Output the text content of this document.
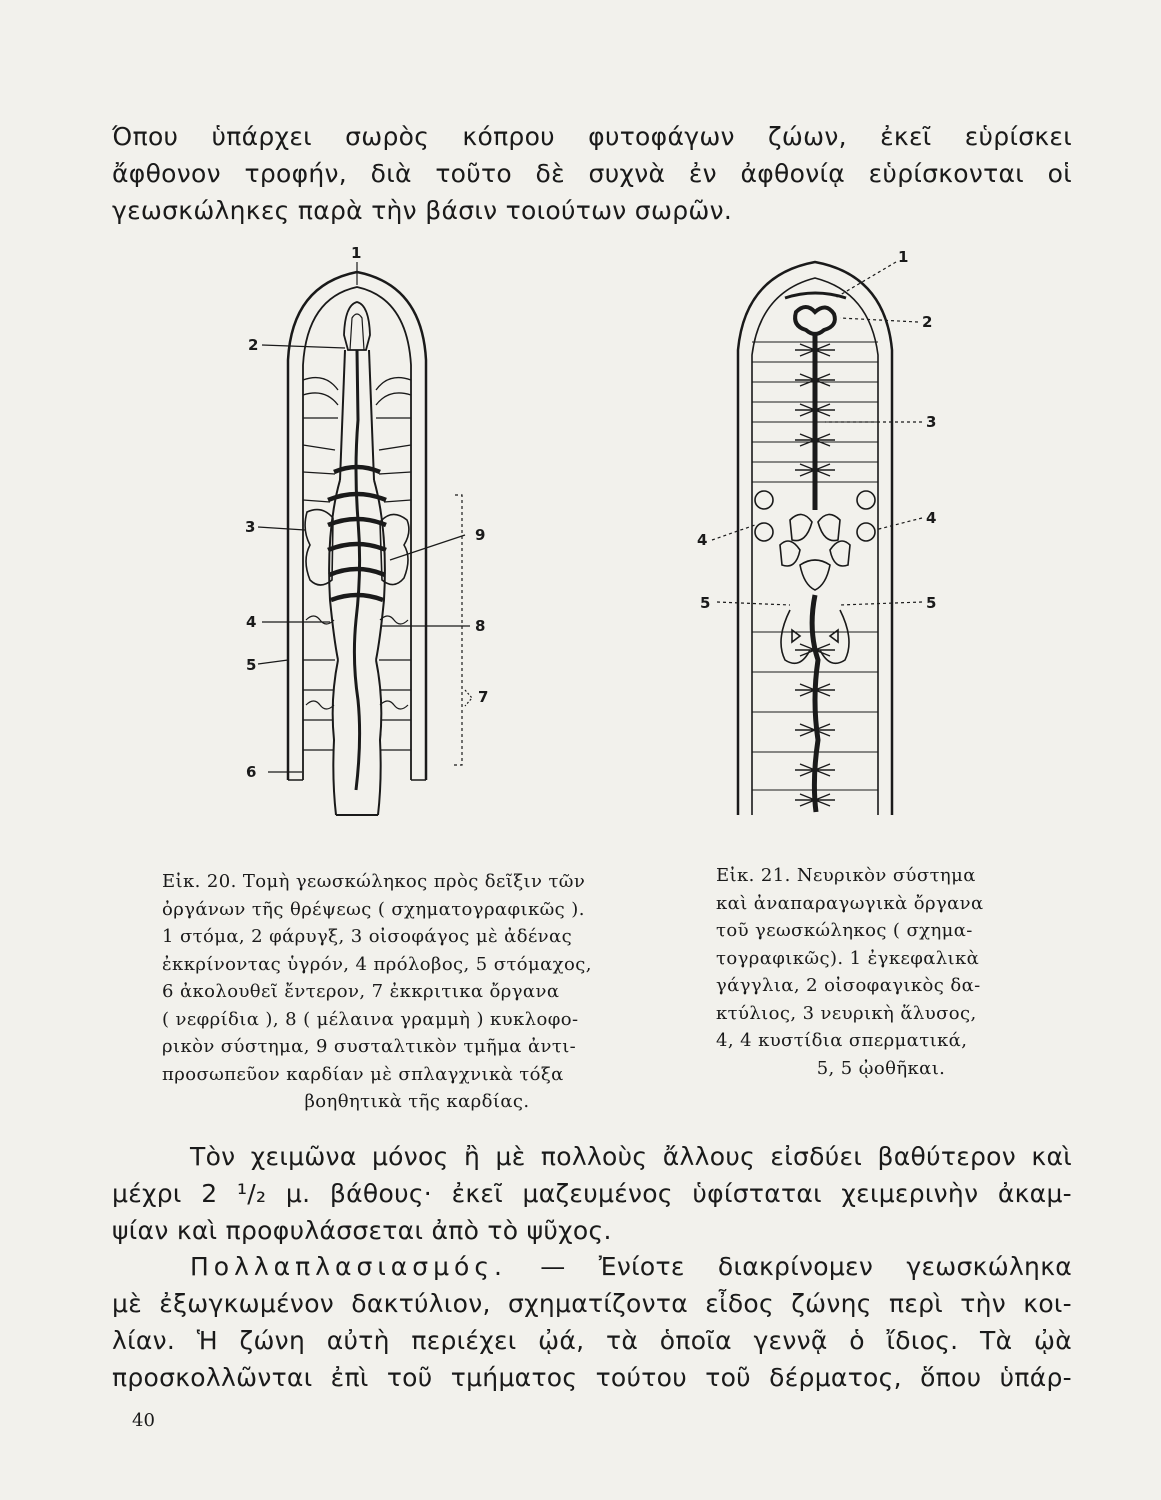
Όπου ὑπάρχει σωρὸς κόπρου φυτοφάγων ζώων, ἐκεῖ εὑρίσκει
ἄφθονον τροφήν, διὰ τοῦτο δὲ συχνὰ ἐν ἀφθονίᾳ εὑρίσκονται οἱ
γεωσκώληκες παρὰ τὴν βάσιν τοιούτων σωρῶν.
1
2
3	9
4	8
5
7
6
1
2
3
4
4
5	5
Εἰκ. 20. Τομὴ γεωσκώληκος πρὸς δεῖξιν τῶν
ὀργάνων τῆς θρέψεως ( σχηματογραφικῶς ).
1 στόμα, 2 φάρυγξ, 3 οἰσοφάγος μὲ ἀδένας
ἐκκρίνοντας ὑγρόν, 4 πρόλοβος, 5 στόμαχος,
6 ἀκολουθεῖ ἔντερον, 7 ἐκκριτικα ὄργανα
( νεφρίδια ), 8 ( μέλαινα γραμμὴ ) κυκλοφο-
ρικὸν σύστημα, 9 συσταλτικὸν τμῆμα ἀντι-
προσωπεῦον καρδίαν μὲ σπλαγχνικὰ τόξα
βοηθητικὰ τῆς καρδίας.
Εἰκ. 21. Νευρικὸν σύστημα
καὶ ἀναπαραγωγικὰ ὄργανα
τοῦ γεωσκώληκος ( σχημα-
τογραφικῶς). 1 ἐγκεφαλικὰ
γάγγλια, 2 οἰσοφαγικὸς δα-
κτύλιος, 3 νευρικὴ ἅλυσος,
4, 4 κυστίδια σπερματικά,
5, 5 ᾠοθῆκαι.
Τὸν χειμῶνα μόνος ἢ μὲ πολλοὺς ἄλλους εἰσδύει βαθύτερον καὶ
μέχρι 2 ¹/₂ μ. βάθους· ἐκεῖ μαζευμένος ὑφίσταται χειμερινὴν ἀκαμ-
ψίαν καὶ προφυλάσσεται ἀπὸ τὸ ψῦχος.
Πολλαπλασιασμός. — Ἐνίοτε διακρίνομεν γεωσκώληκα
μὲ ἐξωγκωμένον δακτύλιον, σχηματίζοντα εἶδος ζώνης περὶ τὴν κοι-
λίαν. Ἡ ζώνη αὐτὴ περιέχει ᾠά, τὰ ὁποῖα γεννᾷ ὁ ἴδιος. Τὰ ᾠὰ
προσκολλῶνται ἐπὶ τοῦ τμήματος τούτου τοῦ δέρματος, ὅπου ὑπάρ-
40
